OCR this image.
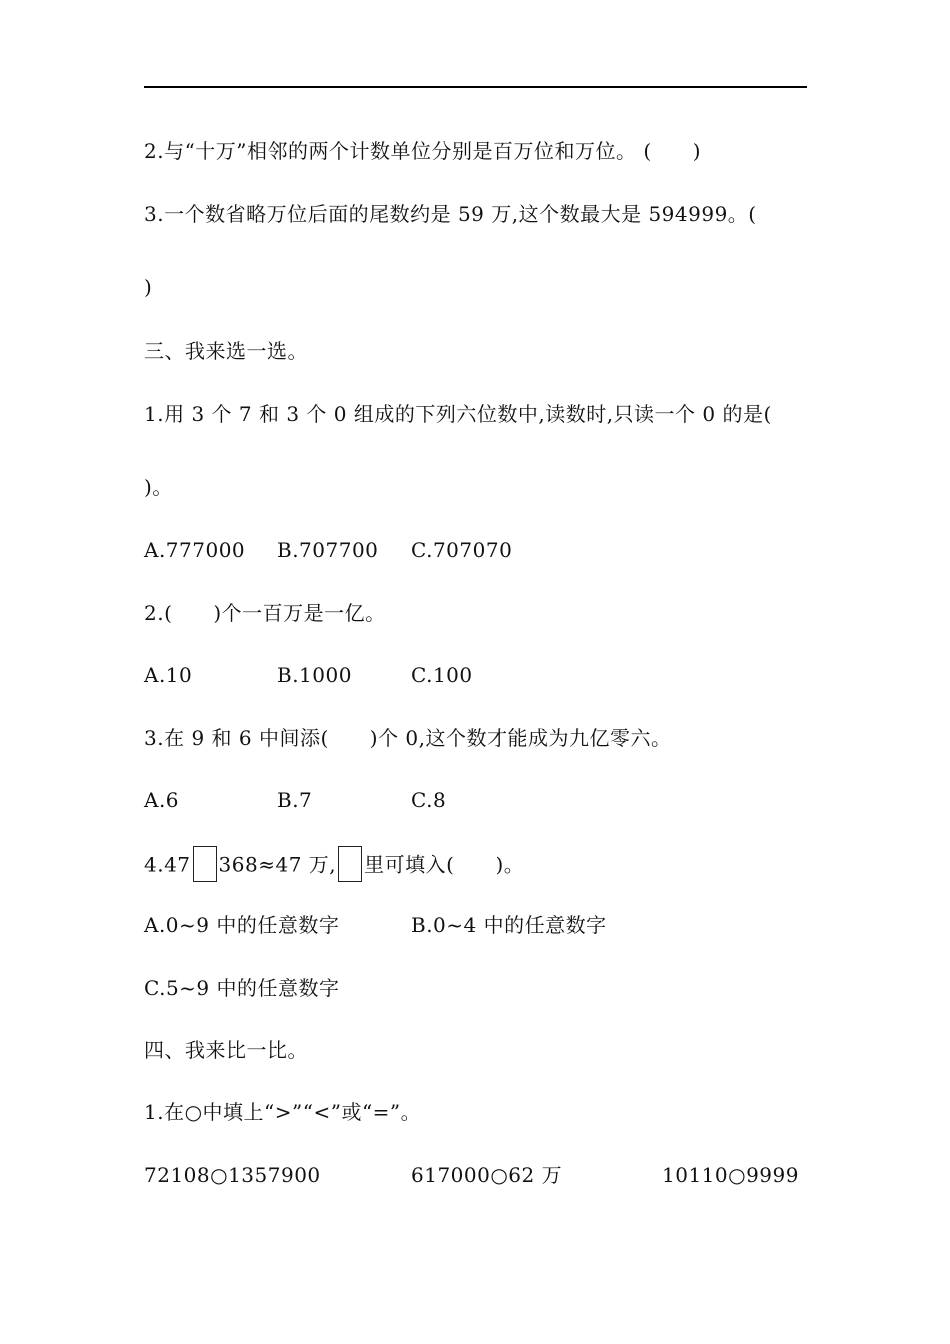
2.与“十万”相邻的两个计数单位分别是百万位和万位。 (　　)
3.一个数省略万位后面的尾数约是 59 万,这个数最大是 594999。(
)
三、我来选一选。
1.用 3 个 7 和 3 个 0 组成的下列六位数中,读数时,只读一个 0 的是(
)。
A.777000 B.707700 C.707070
2.(　　)个一百万是一亿。
A.10	B.1000	C.100
3.在 9 和 6 中间添(　　)个 0,这个数才能成为九亿零六。
A.6	B.7	C.8
4.47 368≈47 万, 里可填入(　　)。
A.0~9 中的任意数字	B.0~4 中的任意数字
C.5~9 中的任意数字
四、我来比一比。
1.在○中填上“>”“<”或“=”。
72108○1357900	617000○62 万	10110○9999
